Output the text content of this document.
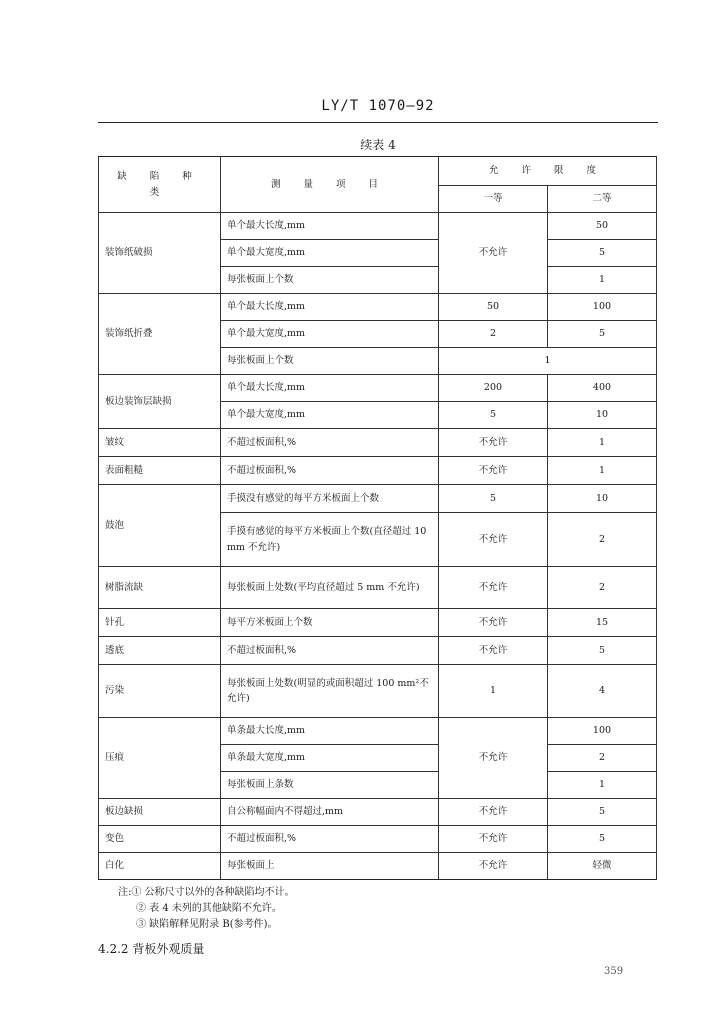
LY/T 1070—92
续表 4
缺 陷 种 类	测 量 项 目	允 许 限 度	
		一等	二等
装饰纸破损	单个最大长度,mm	不允许	50
	单个最大宽度,mm		5
	每张板面上个数		1
装饰纸折叠	单个最大长度,mm	50	100
	单个最大宽度,mm	2	5
	每张板面上个数	1	
板边装饰层缺损	单个最大长度,mm	200	400
	单个最大宽度,mm	5	10
皱纹	不超过板面积,%	不允许	1
表面粗糙	不超过板面积,%	不允许	1
鼓泡	手摸没有感觉的每平方米板面上个数	5	10
	手摸有感觉的每平方米板面上个数(直径超过 10 mm 不允许)	不允许	2
树脂流缺	每张板面上处数(平均直径超过 5 mm 不允许)	不允许	2
针孔	每平方米板面上个数	不允许	15
透底	不超过板面积,%	不允许	5
污染	每张板面上处数(明显的或面积超过 100 mm²不允许)	1	4
压痕	单条最大长度,mm	不允许	100
	单条最大宽度,mm		2
	每张板面上条数		1
板边缺损	自公称幅面内不得超过,mm	不允许	5
变色	不超过板面积,%	不允许	5
白化	每张板面上	不允许	轻微
注:① 公称尺寸以外的各种缺陷均不计。
② 表 4 未列的其他缺陷不允许。
③ 缺陷解释见附录 B(参考件)。
4.2.2 背板外观质量
359
